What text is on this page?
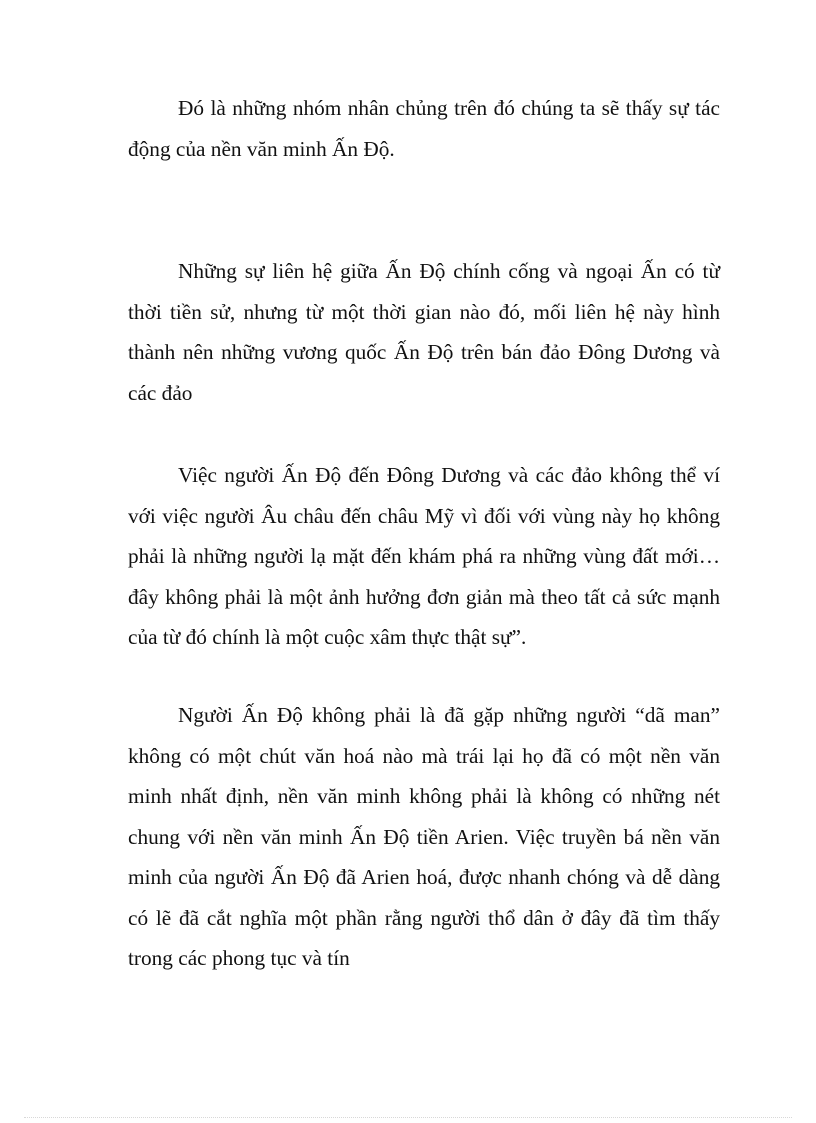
Đó là những nhóm nhân chủng trên đó chúng ta sẽ thấy sự tác động của nền văn minh Ấn Độ.

Những sự liên hệ giữa Ấn Độ chính cống và ngoại Ấn có từ thời tiền sử, nhưng từ một thời gian nào đó, mối liên hệ này hình thành nên những vương quốc Ấn Độ trên bán đảo Đông Dương và các đảo

Việc người Ấn Độ đến Đông Dương và các đảo không thể ví với việc người Âu châu đến châu Mỹ vì đối với vùng này họ không phải là những người lạ mặt đến khám phá ra những vùng đất mới… đây không phải là một ảnh hưởng đơn giản mà theo tất cả sức mạnh của từ đó chính là một cuộc xâm thực thật sự”.

Người Ấn Độ không phải là đã gặp những người “dã man” không có một chút văn hoá nào mà trái lại họ đã có một nền văn minh nhất định, nền văn minh không phải là không có những nét chung với nền văn minh Ấn Độ tiền Arien. Việc truyền bá nền văn minh của người Ấn Độ đã Arien hoá, được nhanh chóng và dễ dàng có lẽ đã cắt nghĩa một phần rằng người thổ dân ở đây đã tìm thấy trong các phong tục và tín
